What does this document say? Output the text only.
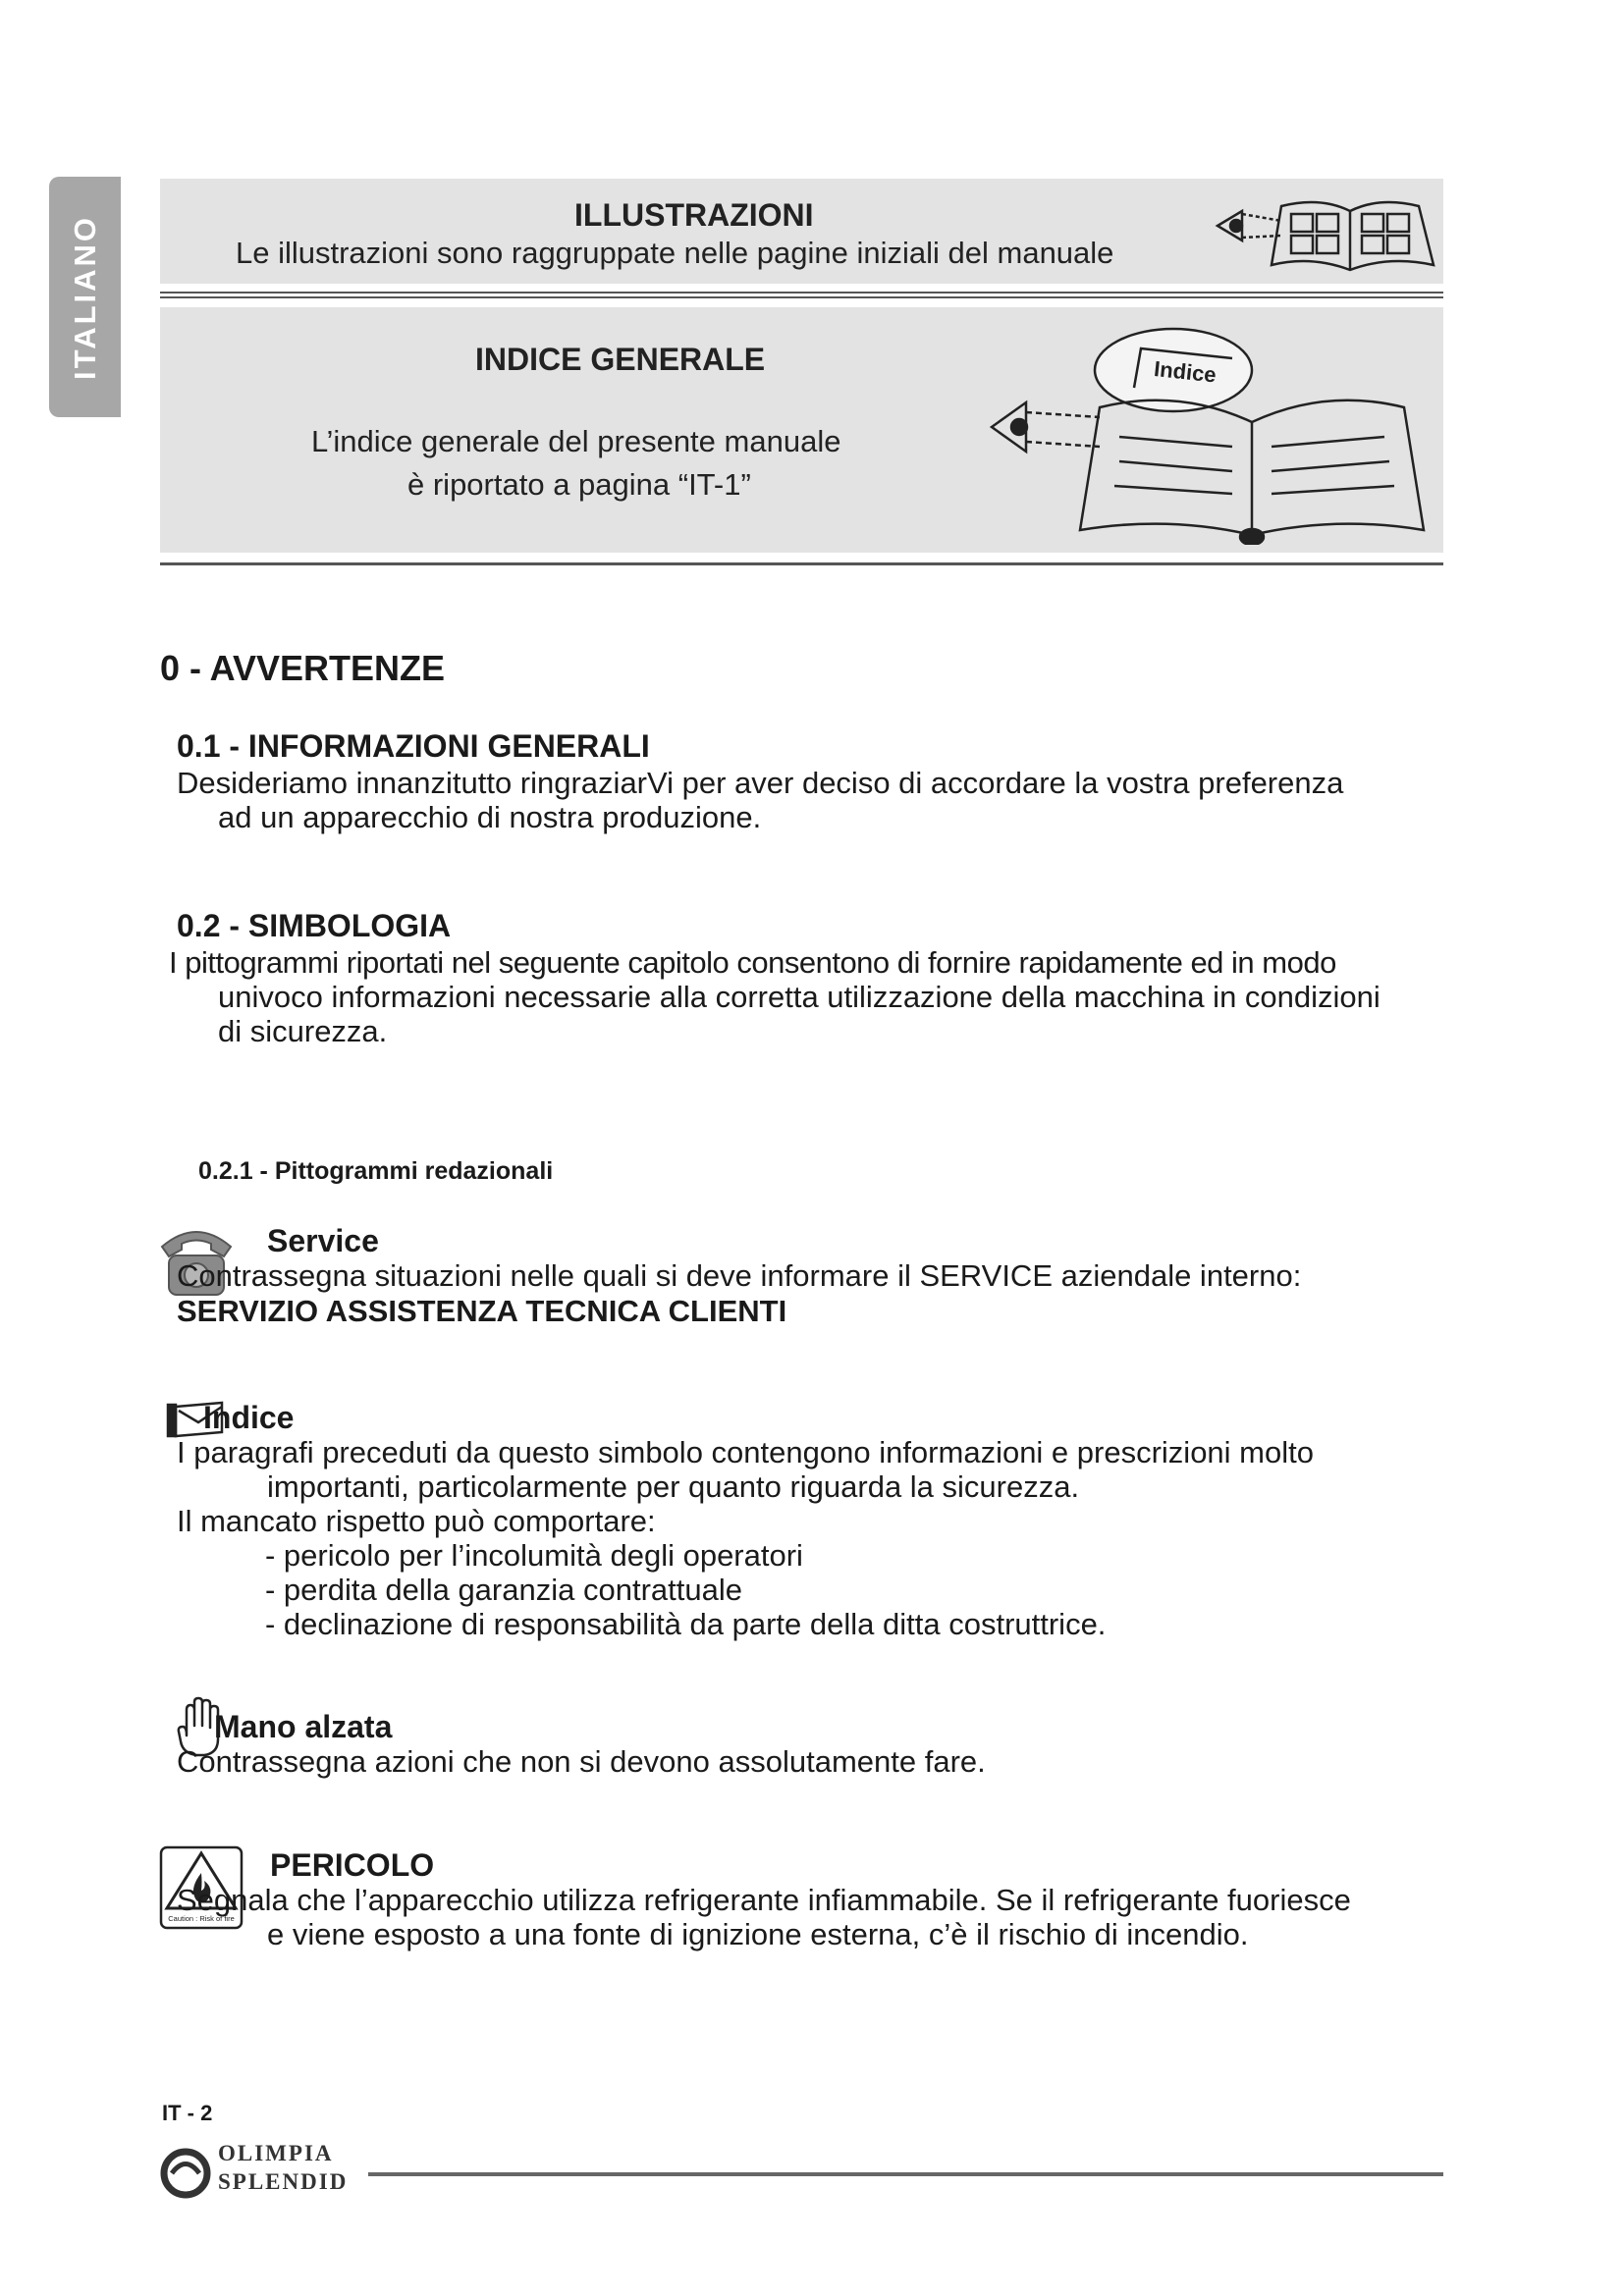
ITALIANO	ILLUSTRAZIONI
Le illustrazioni sono raggruppate nelle pagine iniziali del manuale
INDICE GENERALE
L’indice generale del presente manuale
è riportato a pagina “IT-1”
Indice
0 - AVVERTENZE
0.1 - INFORMAZIONI GENERALI
Desideriamo innanzitutto ringraziarVi per aver deciso di accordare la vostra preferenza
ad un apparecchio di nostra produzione.
0.2 - SIMBOLOGIA
I pittogrammi riportati nel seguente capitolo consentono di fornire rapidamente ed in modo
univoco informazioni necessarie alla corretta utilizzazione della macchina in condizioni
di sicurezza.
0.2.1 - Pittogrammi redazionali
Service
Contrassegna situazioni nelle quali si deve informare il SERVICE aziendale interno:
SERVIZIO ASSISTENZA TECNICA CLIENTI
Indice
I paragrafi preceduti da questo simbolo contengono informazioni e prescrizioni molto
importanti, particolarmente per quanto riguarda la sicurezza.
Il mancato rispetto può comportare:
- pericolo per l’incolumità degli operatori
- perdita della garanzia contrattuale
- declinazione di responsabilità da parte della ditta costruttrice.
Mano alzata
Contrassegna azioni che non si devono assolutamente fare.
Caution : Risk of fire
PERICOLO
Segnala che l’apparecchio utilizza refrigerante infiammabile. Se il refrigerante fuoriesce
e viene esposto a una fonte di ignizione esterna, c’è il rischio di incendio.
IT - 2
OLIMPIA
SPLENDID
